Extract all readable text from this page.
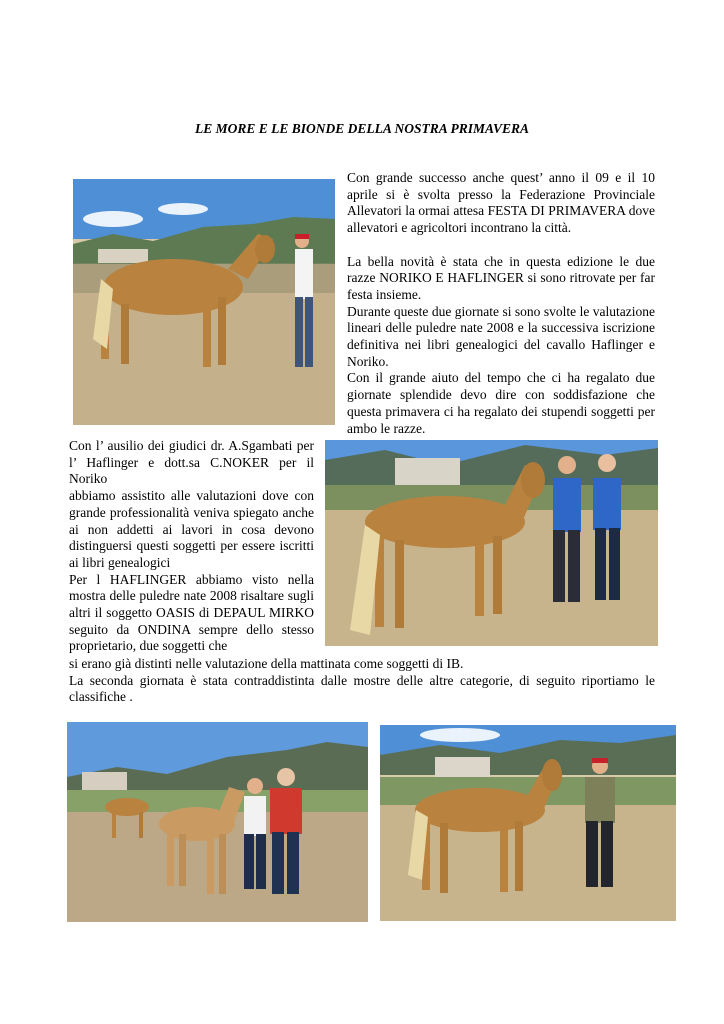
LE MORE E LE BIONDE DELLA NOSTRA PRIMAVERA

Con grande successo anche quest’ anno il 09 e il 10 aprile si è svolta presso la Federazione Provinciale Allevatori la ormai attesa FESTA DI PRIMAVERA dove allevatori e agricoltori incontrano la città.

La bella novità è stata che in questa edizione le due razze NORIKO E HAFLINGER si sono ritrovate per far festa insieme.

Durante queste due giornate si sono svolte le valutazione lineari delle puledre nate 2008 e la successiva iscrizione definitiva nei libri genealogici del cavallo Haflinger e Noriko.

Con il grande aiuto del tempo che ci ha regalato due giornate splendide devo dire con soddisfazione che questa primavera ci ha regalato dei stupendi soggetti per ambo le razze.

Con l’ ausilio dei giudici dr. A.Sgambati per l’ Haflinger e dott.sa C.NOKER per il Noriko

abbiamo assistito alle valutazioni dove con grande professionalità veniva spiegato anche ai non addetti ai lavori in cosa devono distinguersi questi soggetti per essere iscritti ai libri genealogici

Per l HAFLINGER abbiamo visto nella mostra delle puledre nate 2008 risaltare sugli altri il soggetto OASIS di DEPAUL MIRKO seguito da ONDINA sempre dello stesso proprietario, due soggetti che

si erano già distinti nelle valutazione della mattinata come soggetti di IB.

La seconda giornata è stata contraddistinta dalle mostre delle altre categorie, di seguito riportiamo le classifiche .
